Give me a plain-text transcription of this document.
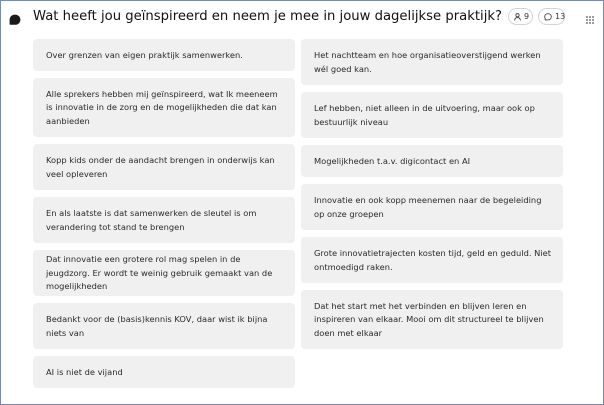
Wat heeft jou geïnspireerd en neem je mee in jouw dagelijkse praktijk?	9	13
Over grenzen van eigen praktijk samenwerken.
Alle sprekers hebben mij geïnspireerd, wat Ik meeneem is innovatie in de zorg en de mogelijkheden die dat kan aanbieden
Kopp kids onder de aandacht brengen in onderwijs kan veel opleveren
En als laatste is dat samenwerken de sleutel is om verandering tot stand te brengen
Dat innovatie een grotere rol mag spelen in de jeugdzorg. Er wordt te weinig gebruik gemaakt van de mogelijkheden
Bedankt voor de (basis)kennis KOV, daar wist ik bijna niets van
AI is niet de vijand
Het nachtteam en hoe organisatieoverstijgend werken wél goed kan.
Lef hebben, niet alleen in de uitvoering, maar ook op bestuurlijk niveau
Mogelijkheden t.a.v. digicontact en AI
Innovatie en ook kopp meenemen naar de begeleiding op onze groepen
Grote innovatietrajecten kosten tijd, geld en geduld. Niet ontmoedigd raken.
Dat het start met het verbinden en blijven leren en inspireren van elkaar. Mooi om dit structureel te blijven doen met elkaar
